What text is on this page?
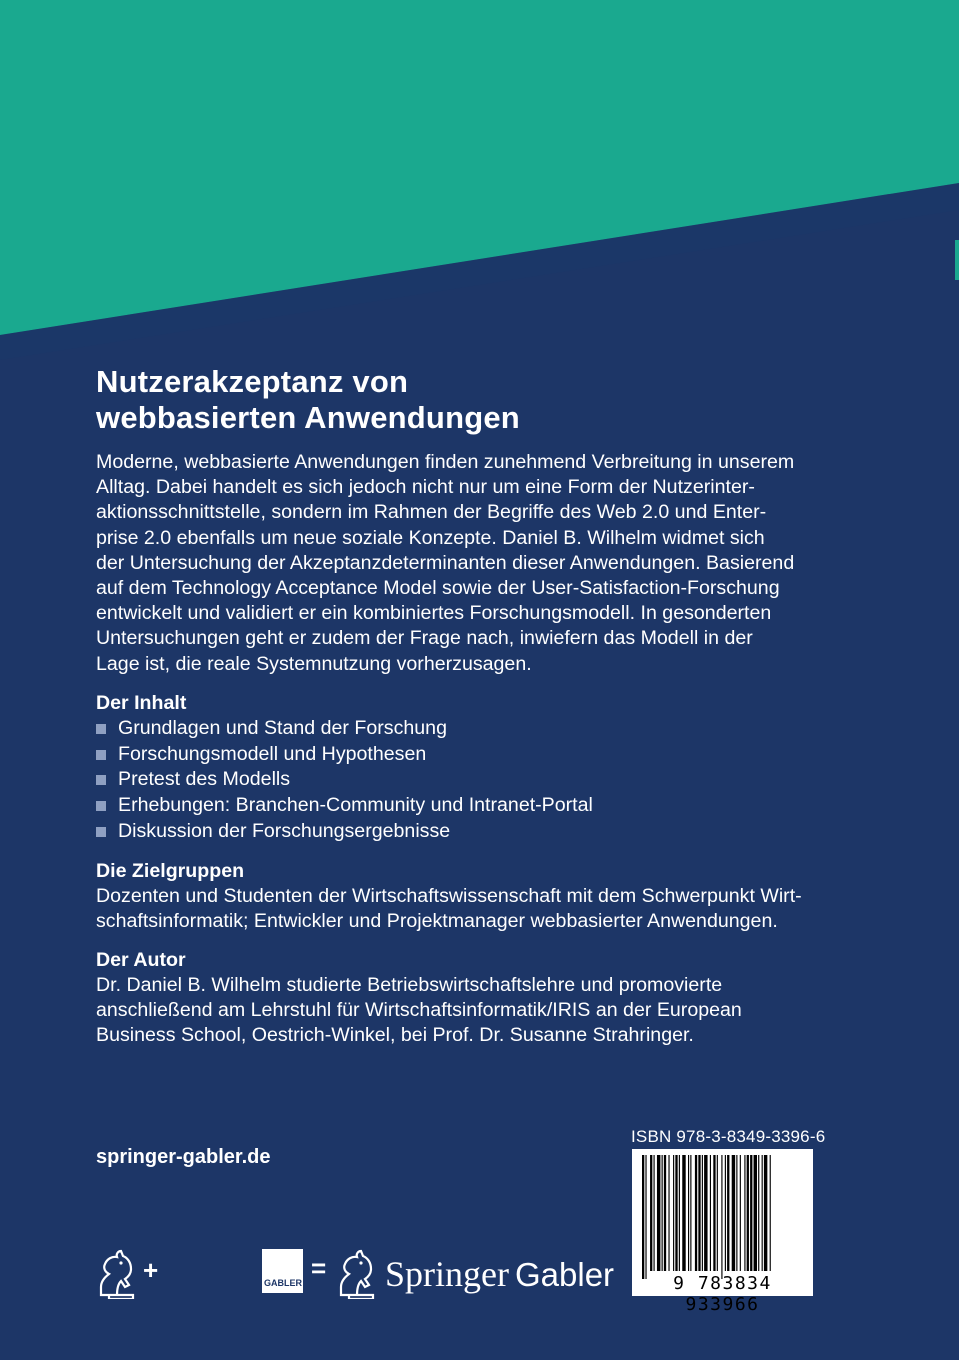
Nutzerakzeptanz von
webbasierten Anwendungen

Moderne, webbasierte Anwendungen finden zunehmend Verbreitung in unserem
Alltag. Dabei handelt es sich jedoch nicht nur um eine Form der Nutzerinter-
aktionsschnittstelle, sondern im Rahmen der Begriffe des Web 2.0 und Enter-
prise 2.0 ebenfalls um neue soziale Konzepte. Daniel B. Wilhelm widmet sich
der Untersuchung der Akzeptanzdeterminanten dieser Anwendungen. Basierend
auf dem Technology Acceptance Model sowie der User-Satisfaction-Forschung
entwickelt und validiert er ein kombiniertes Forschungsmodell. In gesonderten
Untersuchungen geht er zudem der Frage nach, inwiefern das Modell in der
Lage ist, die reale Systemnutzung vorherzusagen.

Der Inhalt
Grundlagen und Stand der Forschung
Forschungsmodell und Hypothesen
Pretest des Modells
Erhebungen: Branchen-Community und Intranet-Portal
Diskussion der Forschungsergebnisse
Die Zielgruppen
Dozenten und Studenten der Wirtschaftswissenschaft mit dem Schwerpunkt Wirt-
schaftsinformatik; Entwickler und Projektmanager webbasierter Anwendungen.
Der Autor
Dr. Daniel B. Wilhelm studierte Betriebswirtschaftslehre und promovierte
anschließend am Lehrstuhl für Wirtschaftsinformatik/IRIS an der European
Business School, Oestrich-Winkel, bei Prof. Dr. Susanne Strahringer.
springer-gabler.de
ISBN 978-3-8349-3396-6
9 783834 933966
+	GABLER = Springer Gabler
